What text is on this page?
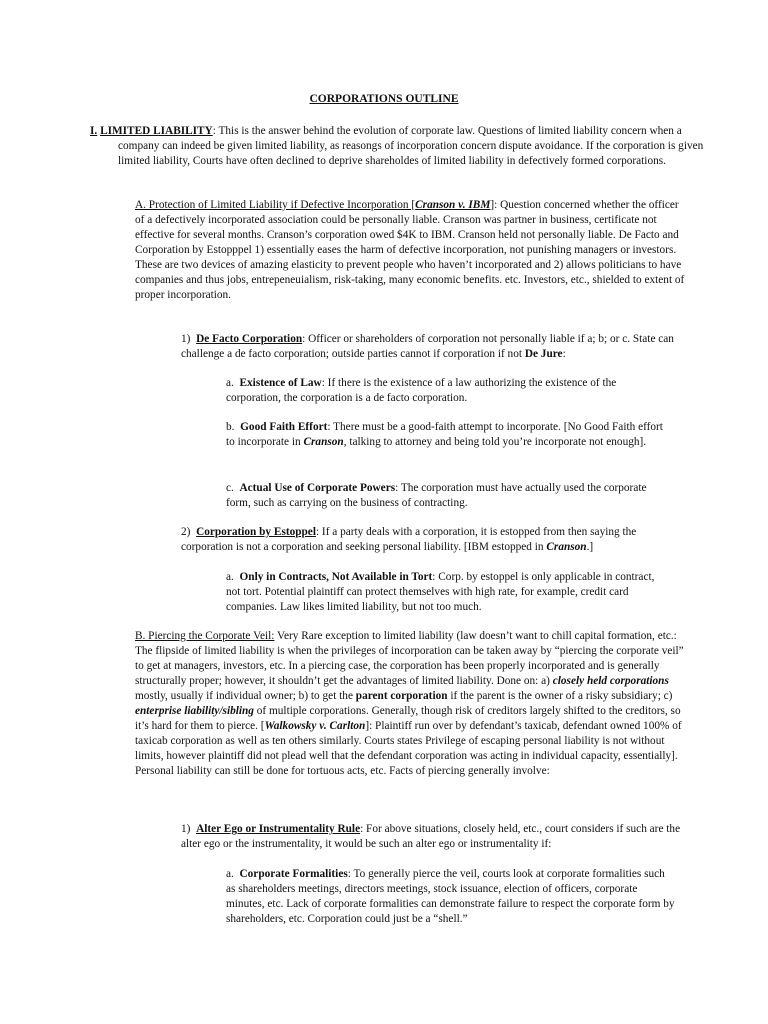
CORPORATIONS OUTLINE
I. LIMITED LIABILITY: This is the answer behind the evolution of corporate law. Questions of limited liability concern when a company can indeed be given limited liability, as reasongs of incorporation concern dispute avoidance. If the corporation is given limited liability, Courts have often declined to deprive shareholdes of limited liability in defectively formed corporations.
A. Protection of Limited Liability if Defective Incorporation [Cranson v. IBM]: Question concerned whether the officer of a defectively incorporated association could be personally liable. Cranson was partner in business, certificate not effective for several months. Cranson’s corporation owed $4K to IBM. Cranson held not personally liable. De Facto and Corporation by Estopppel 1) essentially eases the harm of defective incorporation, not punishing managers or investors. These are two devices of amazing elasticity to prevent people who haven’t incorporated and 2) allows politicians to have companies and thus jobs, entrepeneuialism, risk-taking, many economic benefits. etc. Investors, etc., shielded to extent of proper incorporation.
1) De Facto Corporation: Officer or shareholders of corporation not personally liable if a; b; or c. State can challenge a de facto corporation; outside parties cannot if corporation if not De Jure:
a. Existence of Law: If there is the existence of a law authorizing the existence of the corporation, the corporation is a de facto corporation.
b. Good Faith Effort: There must be a good-faith attempt to incorporate. [No Good Faith effort to incorporate in Cranson, talking to attorney and being told you’re incorporate not enough].
c. Actual Use of Corporate Powers: The corporation must have actually used the corporate form, such as carrying on the business of contracting.
2) Corporation by Estoppel: If a party deals with a corporation, it is estopped from then saying the corporation is not a corporation and seeking personal liability. [IBM estopped in Cranson.]
a. Only in Contracts, Not Available in Tort: Corp. by estoppel is only applicable in contract, not tort. Potential plaintiff can protect themselves with high rate, for example, credit card companies. Law likes limited liability, but not too much.
B. Piercing the Corporate Veil: Very Rare exception to limited liability (law doesn’t want to chill capital formation, etc.: The flipside of limited liability is when the privileges of incorporation can be taken away by “piercing the corporate veil” to get at managers, investors, etc. In a piercing case, the corporation has been properly incorporated and is generally structurally proper; however, it shouldn’t get the advantages of limited liability. Done on: a) closely held corporations mostly, usually if individual owner; b) to get the parent corporation if the parent is the owner of a risky subsidiary; c) enterprise liability/sibling of multiple corporations. Generally, though risk of creditors largely shifted to the creditors, so it’s hard for them to pierce. [Walkowsky v. Carlton]: Plaintiff run over by defendant’s taxicab, defendant owned 100% of taxicab corporation as well as ten others similarly. Courts states Privilege of escaping personal liability is not without limits, however plaintiff did not plead well that the defendant corporation was acting in individual capacity, essentially]. Personal liability can still be done for tortuous acts, etc. Facts of piercing generally involve:
1) Alter Ego or Instrumentality Rule: For above situations, closely held, etc., court considers if such are the alter ego or the instrumentality, it would be such an alter ego or instrumentality if:
a. Corporate Formalities: To generally pierce the veil, courts look at corporate formalities such as shareholders meetings, directors meetings, stock issuance, election of officers, corporate minutes, etc. Lack of corporate formalities can demonstrate failure to respect the corporate form by shareholders, etc. Corporation could just be a “shell.”
